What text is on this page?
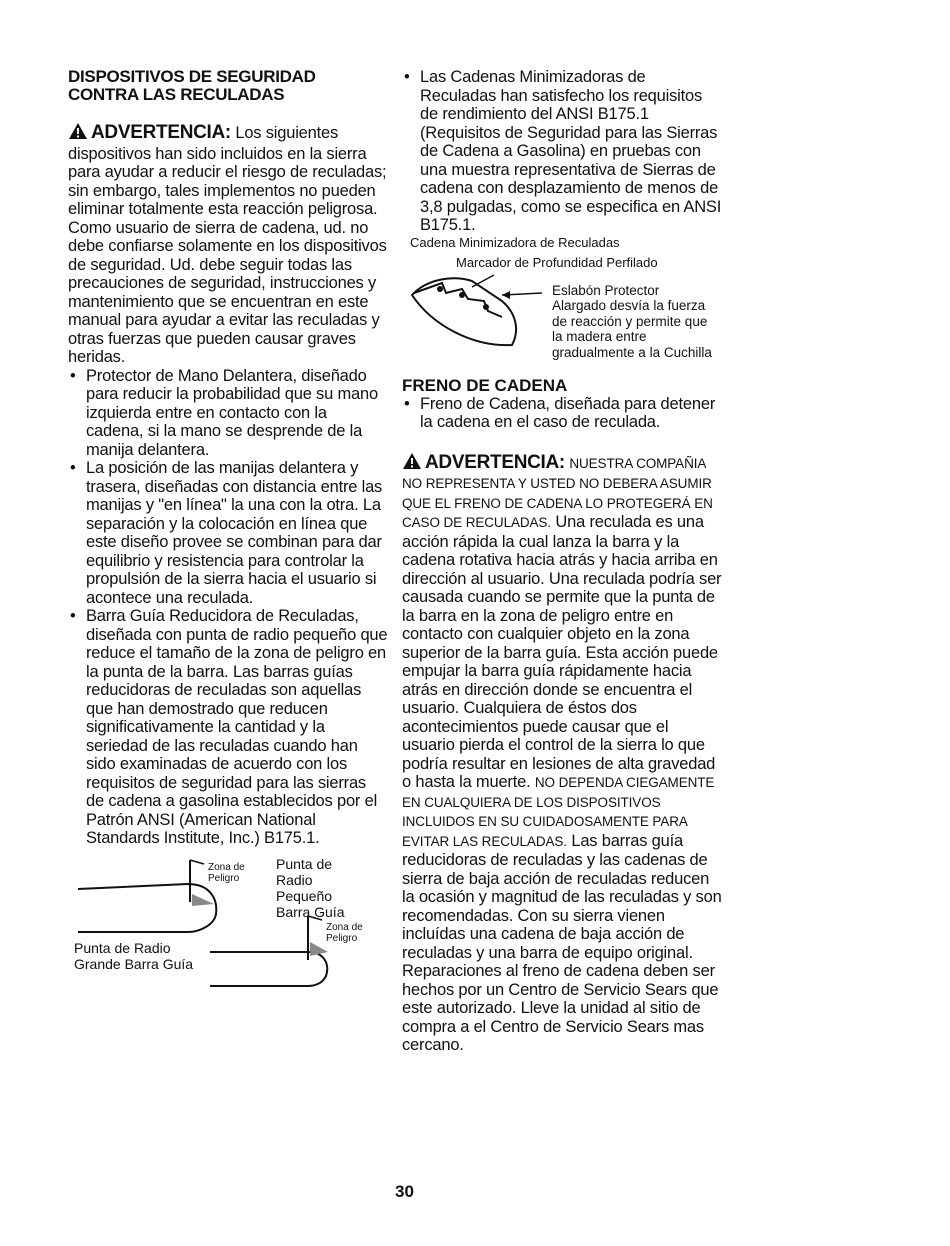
DISPOSITIVOS DE SEGURIDAD
CONTRA LAS RECULADAS

ADVERTENCIA: Los siguientes dispositivos han sido incluidos en la sierra para ayudar a reducir el riesgo de reculadas; sin embargo, tales implementos no pueden eliminar totalmente esta reacción peligrosa. Como usuario de sierra de cadena, ud. no debe confiarse solamente en los dispositivos de seguridad. Ud. debe seguir todas las precauciones de seguridad, instrucciones y mantenimiento que se encuentran en este manual para ayudar a evitar las reculadas y otras fuerzas que pueden causar graves heridas.

• Protector de Mano Delantera, diseñado para reducir la probabilidad que su mano izquierda entre en contacto con la cadena, si la mano se desprende de la manija delantera.
• La posición de las manijas delantera y trasera, diseñadas con distancia entre las manijas y "en línea" la una con la otra. La separación y la colocación en línea que este diseño provee se combinan para dar equilibrio y resistencia para controlar la propulsión de la sierra hacia el usuario si acontece una reculada.
• Barra Guía Reducidora de Reculadas, diseñada con punta de radio pequeño que reduce el tamaño de la zona de peligro en la punta de la barra. Las barras guías reducidoras de reculadas son aquellas que han demostrado que reducen significativamente la cantidad y la seriedad de las reculadas cuando han sido examinadas de acuerdo con los requisitos de seguridad para las sierras de cadena a gasolina establecidos por el Patrón ANSI (American National Standards Institute, Inc.) B175.1.
Zona de Peligro
Punta de Radio Pequeño Barra Guía
Zona de Peligro
Punta de Radio Grande Barra Guía
• Las Cadenas Minimizadoras de Reculadas han satisfecho los requisitos de rendimiento del ANSI B175.1 (Requisitos de Seguridad para las Sierras de Cadena a Gasolina) en pruebas con una muestra representativa de Sierras de cadena con desplazamiento de menos de 3,8 pulgadas, como se especifica en ANSI B175.1.
Cadena Minimizadora de Reculadas
Marcador de Profundidad Perfilado
Eslabón Protector Alargado desvía la fuerza de reacción y permite que la madera entre gradualmente a la Cuchilla
FRENO DE CADENA
• Freno de Cadena, diseñada para detener la cadena en el caso de reculada.

ADVERTENCIA: NUESTRA COMPAÑIA NO REPRESENTA Y USTED NO DEBERA ASUMIR QUE EL FRENO DE CADENA LO PROTEGERÁ EN CASO DE RECULADAS. Una reculada es una acción rápida la cual lanza la barra y la cadena rotativa hacia atrás y hacia arriba en dirección al usuario. Una reculada podría ser causada cuando se permite que la punta de la barra en la zona de peligro entre en contacto con cualquier objeto en la zona superior de la barra guía. Esta acción puede empujar la barra guía rápidamente hacia atrás en dirección donde se encuentra el usuario. Cualquiera de éstos dos acontecimientos puede causar que el usuario pierda el control de la sierra lo que podría resultar en lesiones de alta gravedad o hasta la muerte. NO DEPENDA CIEGAMENTE EN CUALQUIERA DE LOS DISPOSITIVOS INCLUIDOS EN SU CUIDADOSAMENTE PARA EVITAR LAS RECULADAS. Las barras guía reducidoras de reculadas y las cadenas de sierra de baja acción de reculadas reducen la ocasión y magnitud de las reculadas y son recomendadas. Con su sierra vienen incluídas una cadena de baja acción de reculadas y una barra de equipo original. Reparaciones al freno de cadena deben ser hechos por un Centro de Servicio Sears que este autorizado. Lleve la unidad al sitio de compra a el Centro de Servicio Sears mas cercano.

30
